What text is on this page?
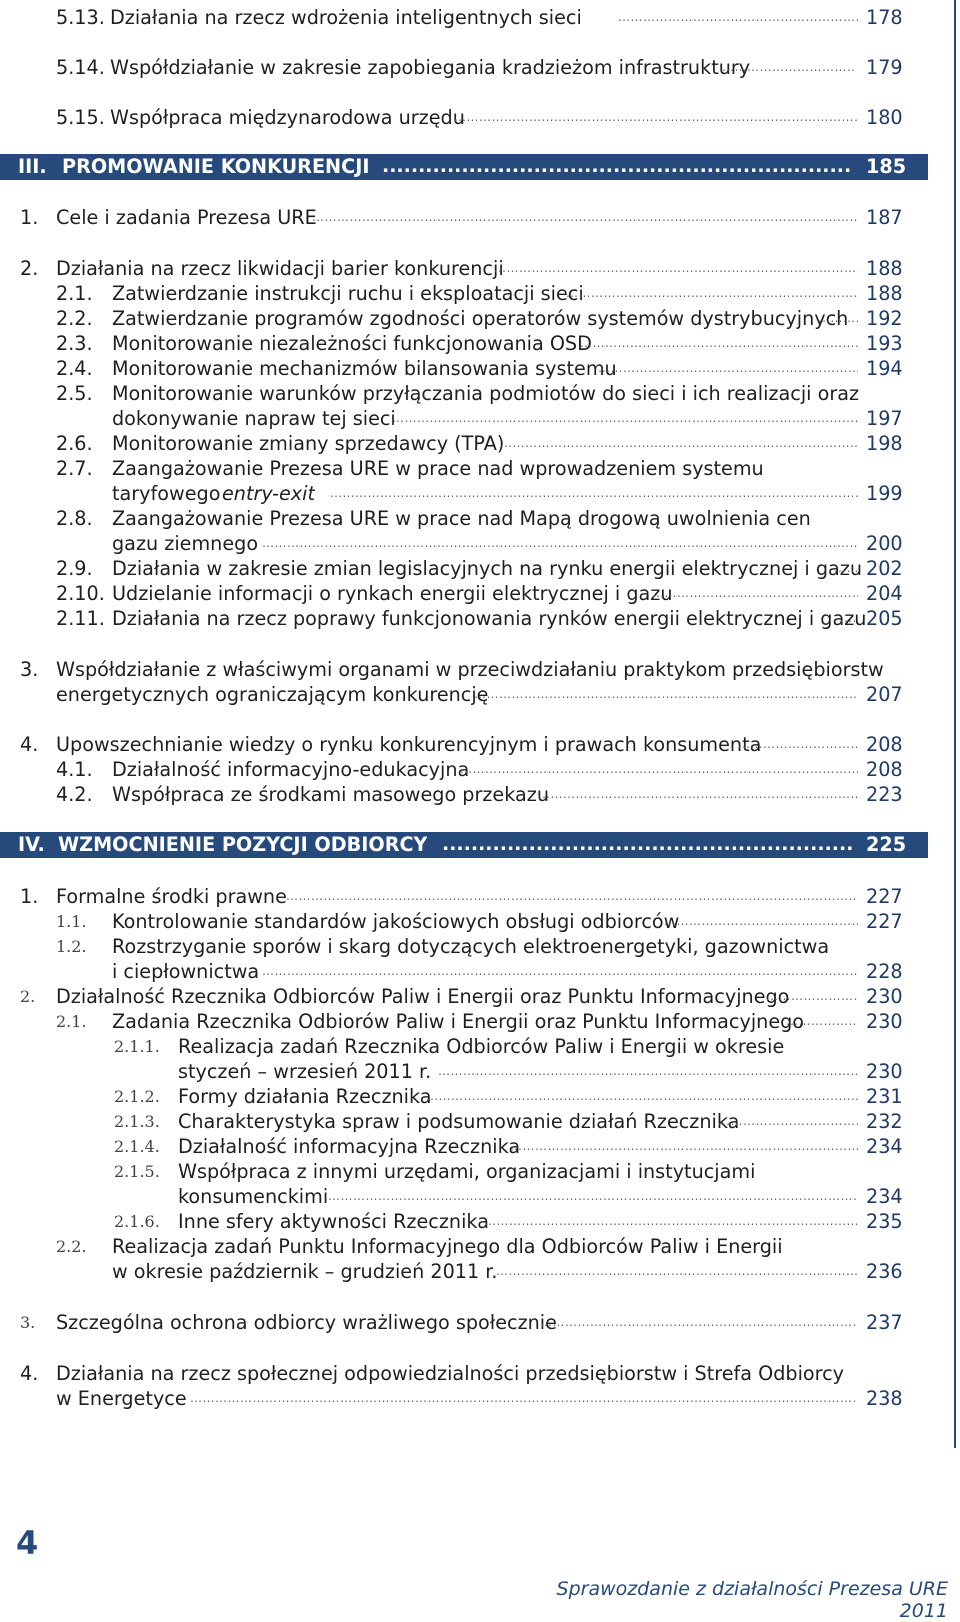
5.13. Działania na rzecz wdrożenia inteligentnych sieci ………………………………………………………………………………………………………………………………………………………………………………………………………………	178
5.14. Współdziałanie w zakresie zapobiegania kradzieżom infrastruktury ………………………………………………………………………………………………………………………………………………………………………………………………………………	179
5.15. Współpraca międzynarodowa urzędu ………………………………………………………………………………………………………………………………………………………………………………………………………………	180
III. PROMOWANIE KONKURENCJI .....	185
1. Cele i zadania Prezesa URE ………………………………………………………………………………………………………………………………………………………………………………………………………………	187
2. Działania na rzecz likwidacji barier konkurencji ………………………………………………………………………………………………………………………………………………………………………………………………………………	188
2.1. Zatwierdzanie instrukcji ruchu i eksploatacji sieci ………………………………………………………………………………………………………………………………………………………………………………………………………………	188
2.2. Zatwierdzanie programów zgodności operatorów systemów dystrybucyjnych ……………………………………………………………………………………………………………………………………………………………………………………………………………… 192
2.3. Monitorowanie niezależności funkcjonowania OSD ………………………………………………………………………………………………………………………………………………………………………………………………………………	193
2.4. Monitorowanie mechanizmów bilansowania systemu ………………………………………………………………………………………………………………………………………………………………………………………………………………	194
2.5. Monitorowanie warunków przyłączania podmiotów do sieci i ich realizacji oraz
dokonywanie napraw tej sieci ………………………………………………………………………………………………………………………………………………………………………………………………………………	197
2.6. Monitorowanie zmiany sprzedawcy (TPA) ………………………………………………………………………………………………………………………………………………………………………………………………………………	198
2.7. Zaangażowanie Prezesa URE w prace nad wprowadzeniem systemu
taryfowego entry-exit ………………………………………………………………………………………………………………………………………………………………………………………………………………	199
2.8. Zaangażowanie Prezesa URE w prace nad Mapą drogową uwolnienia cen
gazu ziemnego ………………………………………………………………………………………………………………………………………………………………………………………………………………	200
2.9. Działania w zakresie zmian legislacyjnych na rynku energii elektrycznej i gazu ……………………………………………………………………………………………………………………………………………………………………………………………………………… 202
2.10. Udzielanie informacji o rynkach energii elektrycznej i gazu ………………………………………………………………………………………………………………………………………………………………………………………………………………	204
2.11. Działania na rzecz poprawy funkcjonowania rynków energii elektrycznej i gazu ……………………………………………………………………………………………………………………………………………………………………………………………………………… 205
3. Współdziałanie z właściwymi organami w przeciwdziałaniu praktykom przedsiębiorstw
energetycznych ograniczającym konkurencję ………………………………………………………………………………………………………………………………………………………………………………………………………………	207
4. Upowszechnianie wiedzy o rynku konkurencyjnym i prawach konsumenta ………………………………………………………………………………………………………………………………………………………………………………………………………………	208
4.1. Działalność informacyjno-edukacyjna ………………………………………………………………………………………………………………………………………………………………………………………………………………	208
4.2. Współpraca ze środkami masowego przekazu ………………………………………………………………………………………………………………………………………………………………………………………………………………	223
IV. WZMOCNIENIE POZYCJI ODBIORCY .....	225
1. Formalne środki prawne ………………………………………………………………………………………………………………………………………………………………………………………………………………	227
1.1. Kontrolowanie standardów jakościowych obsługi odbiorców ………………………………………………………………………………………………………………………………………………………………………………………………………………	227
1.2. Rozstrzyganie sporów i skarg dotyczących elektroenergetyki, gazownictwa
i ciepłownictwa ………………………………………………………………………………………………………………………………………………………………………………………………………………	228
2. Działalność Rzecznika Odbiorców Paliw i Energii oraz Punktu Informacyjnego ………………………………………………………………………………………………………………………………………………………………………………………………………………	230
2.1. Zadania Rzecznika Odbiorów Paliw i Energii oraz Punktu Informacyjnego ………………………………………………………………………………………………………………………………………………………………………………………………………………	230
2.1.1. Realizacja zadań Rzecznika Odbiorców Paliw i Energii w okresie
styczeń – wrzesień 2011 r. ………………………………………………………………………………………………………………………………………………………………………………………………………………	230
2.1.2. Formy działania Rzecznika ………………………………………………………………………………………………………………………………………………………………………………………………………………	231
2.1.3. Charakterystyka spraw i podsumowanie działań Rzecznika ………………………………………………………………………………………………………………………………………………………………………………………………………………	232
2.1.4. Działalność informacyjna Rzecznika ………………………………………………………………………………………………………………………………………………………………………………………………………………	234
2.1.5. Współpraca z innymi urzędami, organizacjami i instytucjami
konsumenckimi ………………………………………………………………………………………………………………………………………………………………………………………………………………	234
2.1.6. Inne sfery aktywności Rzecznika ………………………………………………………………………………………………………………………………………………………………………………………………………………	235
2.2. Realizacja zadań Punktu Informacyjnego dla Odbiorców Paliw i Energii
w okresie październik – grudzień 2011 r. ………………………………………………………………………………………………………………………………………………………………………………………………………………	236
3. Szczególna ochrona odbiorcy wrażliwego społecznie ………………………………………………………………………………………………………………………………………………………………………………………………………………	237
4. Działania na rzecz społecznej odpowiedzialności przedsiębiorstw i Strefa Odbiorcy
w Energetyce ………………………………………………………………………………………………………………………………………………………………………………………………………………	238
4
Sprawozdanie z działalności Prezesa URE 2011
